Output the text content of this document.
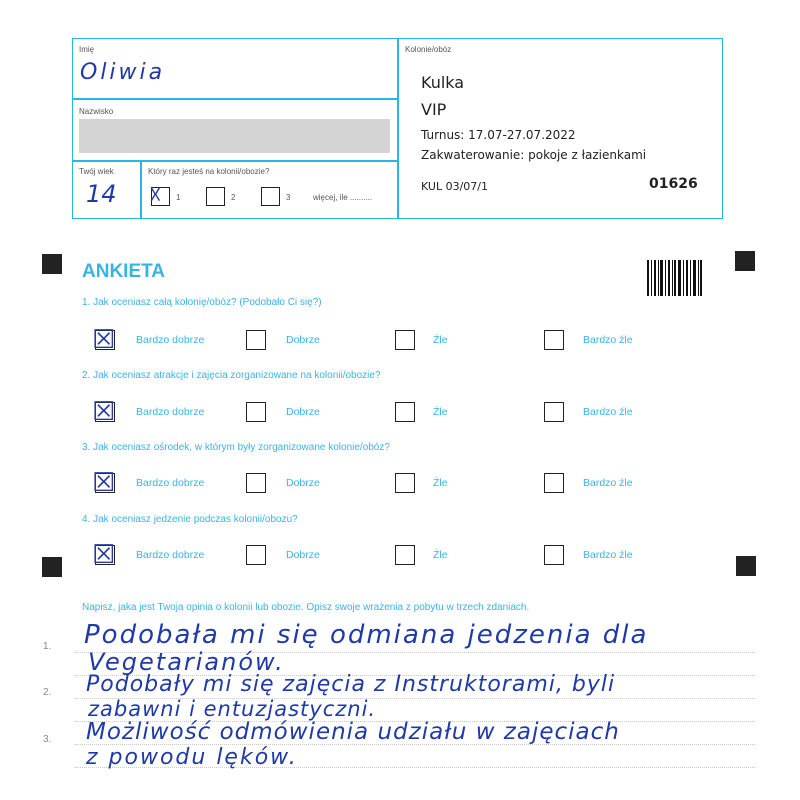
Imię
Oliwia
Nazwisko
Twój wiek
14
Który raz jesteś na kolonii/obozie?
☓ 1	2	3	więcej, ile ..........
Kolonie/obóz
Kulka
VIP
Turnus: 17.07-27.07.2022
Zakwaterowanie: pokoje z łazienkami
KUL 03/07/1	01626
ANKIETA
1. Jak oceniasz całą kolonię/obóz? (Podobało Ci się?)
☒ Bardzo dobrze	Dobrze	Źle	Bardzo źle
2. Jak oceniasz atrakcje i zajęcia zorganizowane na kolonii/obozie?
☒ Bardzo dobrze	Dobrze	Źle	Bardzo źle
3. Jak oceniasz ośrodek, w którym były zorganizowane kolonie/obóz?
☒ Bardzo dobrze	Dobrze	Źle	Bardzo źle
4. Jak oceniasz jedzenie podczas kolonii/obozu?
☒ Bardzo dobrze	Dobrze	Źle	Bardzo źle
Napisz, jaka jest Twoja opinia o kolonii lub obozie. Opisz swoje wrażenia z pobytu w trzech zdaniach.
1.
2.
3.
Podobała mi się odmiana jedzenia dla
Vegetarianów.
Podobały mi się zajęcia z Instruktorami, byli
zabawni i entuzjastyczni.
Możliwość odmówienia udziału w zajęciach
z powodu lęków.
